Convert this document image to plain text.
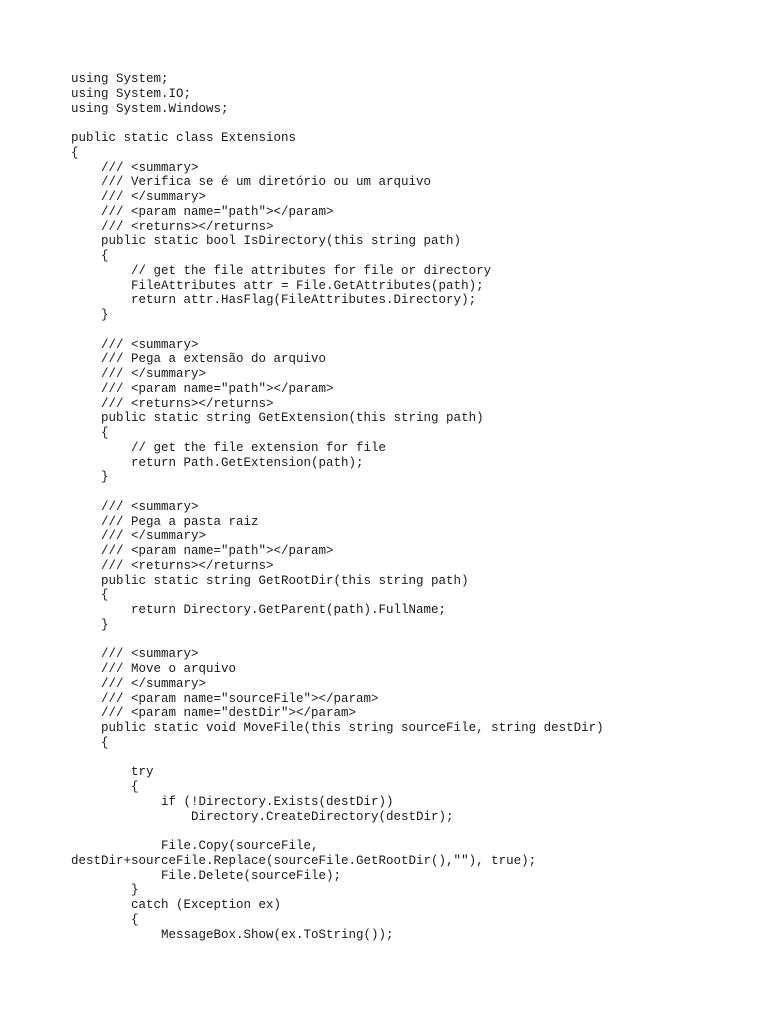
using System;
using System.IO;
using System.Windows;
public static class Extensions
{
/// <summary>
/// Verifica se é um diretório ou um arquivo
/// </summary>
/// <param name="path"></param>
/// <returns></returns>
public static bool IsDirectory(this string path)
{
// get the file attributes for file or directory
FileAttributes attr = File.GetAttributes(path);
return attr.HasFlag(FileAttributes.Directory);
}
/// <summary>
/// Pega a extensão do arquivo
/// </summary>
/// <param name="path"></param>
/// <returns></returns>
public static string GetExtension(this string path)
{
// get the file extension for file
return Path.GetExtension(path);
}
/// <summary>
/// Pega a pasta raiz
/// </summary>
/// <param name="path"></param>
/// <returns></returns>
public static string GetRootDir(this string path)
{
return Directory.GetParent(path).FullName;
}
/// <summary>
/// Move o arquivo
/// </summary>
/// <param name="sourceFile"></param>
/// <param name="destDir"></param>
public static void MoveFile(this string sourceFile, string destDir)
{
try
{
if (!Directory.Exists(destDir))
Directory.CreateDirectory(destDir);
File.Copy(sourceFile,
destDir+sourceFile.Replace(sourceFile.GetRootDir(),""), true);
File.Delete(sourceFile);
}
catch (Exception ex)
{
MessageBox.Show(ex.ToString());
